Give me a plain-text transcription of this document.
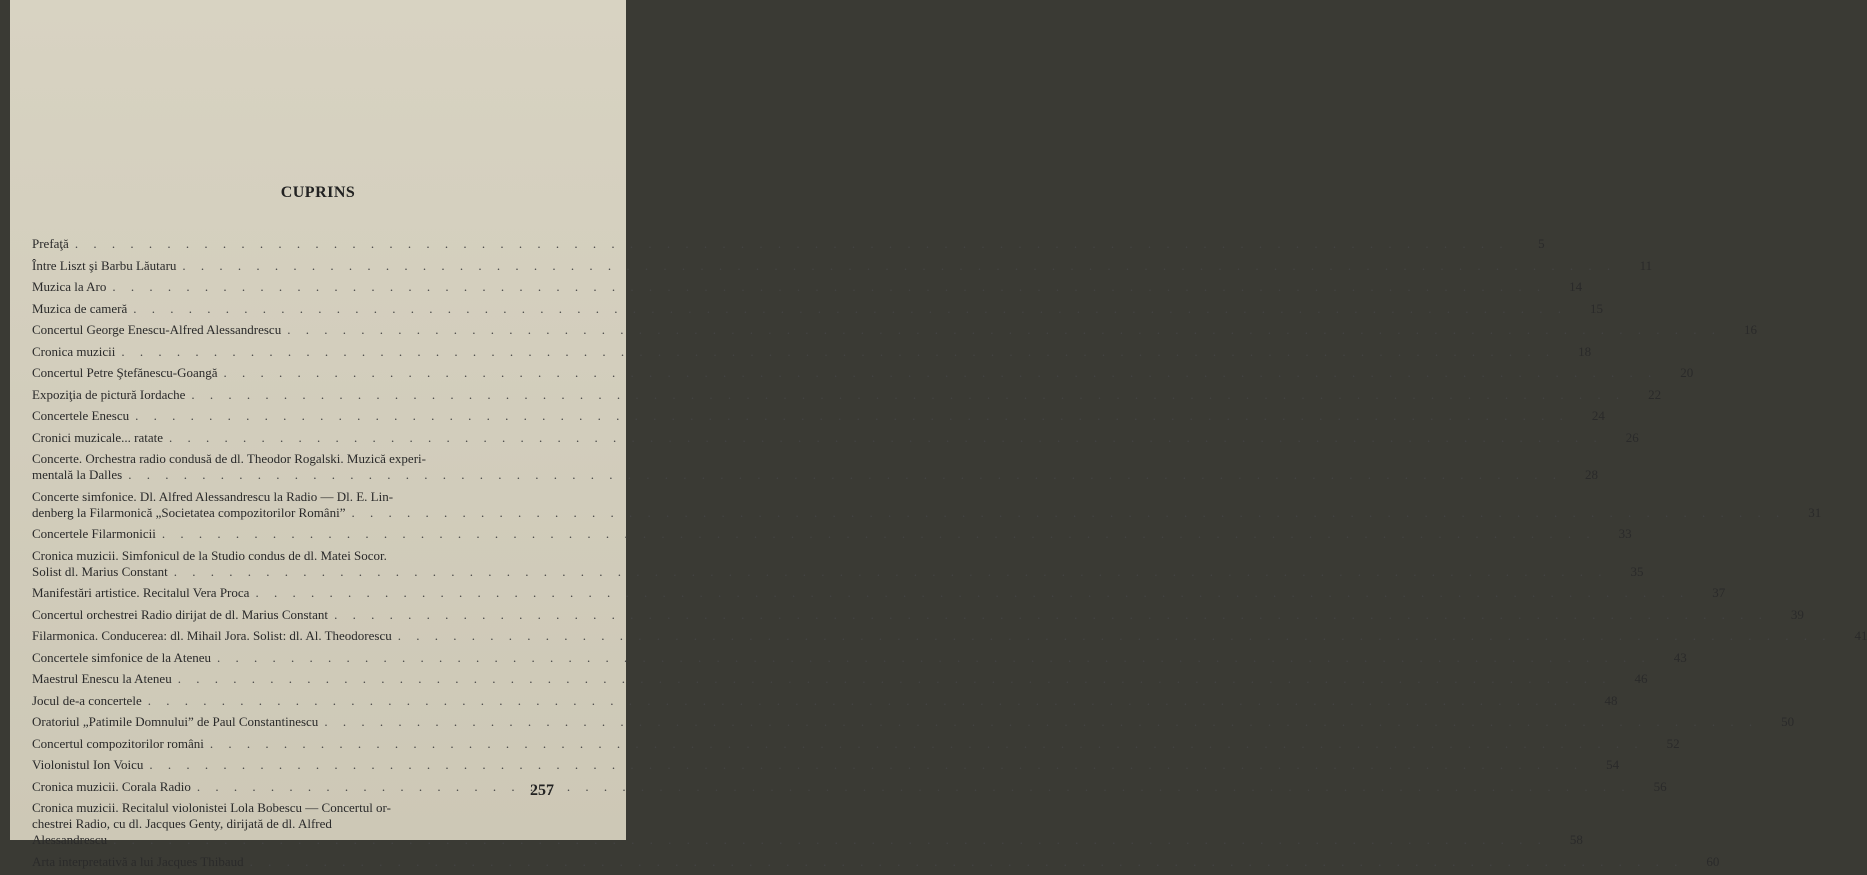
CUPRINS
Prefaţă . . .	5
Între Liszt şi Barbu Lăutaru . . .	11
Muzica la Aro . . .	14
Muzica de cameră . . .	15
Concertul George Enescu-Alfred Alessandrescu . . .	16
Cronica muzicii . . .	18
Concertul Petre Ştefănescu-Goangă . . .	20
Expoziţia de pictură Iordache . . .	22
Concertele Enescu . . .	24
Cronici muzicale... ratate . . .	26
Concerte. Orchestra radio condusă de dl. Theodor Rogalski. Muzică experi-
mentală la Dalles . . .	28
Concerte simfonice. Dl. Alfred Alessandrescu la Radio — Dl. E. Lin-
denberg la Filarmonică „Societatea compozitorilor Români” . . .	31
Concertele Filarmonicii . . .	33
Cronica muzicii. Simfonicul de la Studio condus de dl. Matei Socor.
Solist dl. Marius Constant . . .	35
Manifestări artistice. Recitalul Vera Proca . . .	37
Concertul orchestrei Radio dirijat de dl. Marius Constant . . .	39
Filarmonica. Conducerea: dl. Mihail Jora. Solist: dl. Al. Theodorescu . . .	41
Concertele simfonice de la Ateneu . . .	43
Maestrul Enescu la Ateneu . . .	46
Jocul de-a concertele . . .	48
Oratoriul „Patimile Domnului” de Paul Constantinescu . . .	50
Concertul compozitorilor români . . .	52
Violonistul Ion Voicu . . .	54
Cronica muzicii. Corala Radio . . .	56
Cronica muzicii. Recitalul violonistei Lola Bobescu — Concertul or-
chestrei Radio, cu dl. Jacques Genty, dirijată de dl. Alfred
Alessandrescu . . .	58
Arta interpretativă a lui Jacques Thibaud . . .	60
257
